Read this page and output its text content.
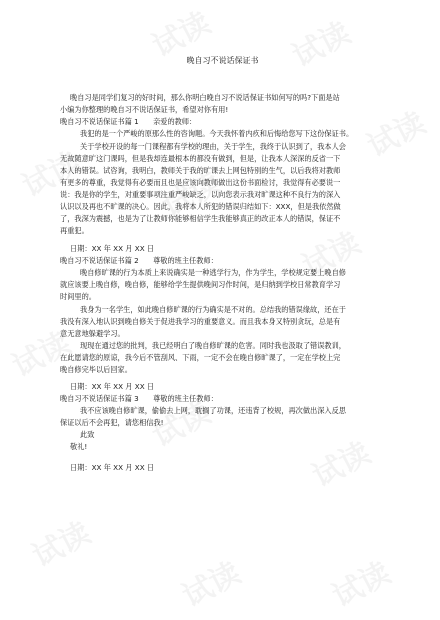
晚自习不说话保证书
晚自习是同学们复习的好时间，那么你明白晚自习不说话保证书如何写的吗?下面是站
小编为你整理的晚自习不说话保证书，希望对你有用!
晚自习不说话保证书篇 1　　亲爱的教师：
我犯的是一个严峻的原那么性的咨询题。今天我怀着内疚和后悔给您写下这份保证书。
关于学校开设的每一门课程都有学校的理由，关于学生，我终于认识到了，我本人会
无故随意旷这门课吗，但是我却连最根本的都没有做到，但是，让我本人深深的反省一下
本人的错误。试咨询，我明白，教师关于我的旷课去上网包特别的生气，以后我将对教师
有更多的尊重，我觉得有必要而且也是应该向教师做出这份书面检讨，我觉得有必要说一
说：我是你的学生，对重要事项注重严峻缺乏，以向您表示我对旷课这种不良行为的深入
认识以及再也不旷课的决心。因此，我将本人所犯的错误归结如下：XXX，但是我依然做
了，我深为震撼，也是为了让教师你能够相信学生我能够真正的改正本人的错误，保证不
再重犯。
日期：XX 年 XX 月 XX 日
晚自习不说话保证书篇 2　　尊敬的班主任教师：
晚自修旷课的行为本质上来说确实是一种逃学行为，作为学生，学校规定要上晚自修
就应该要上晚自修，晚自修，能够给学生提供晚间习作时间，是归纳到学校日常教育学习
时间里的。
我身为一名学生，如此晚自修旷课的行为确实是不对的。总结我的错误缘故，还在于
我没有深入地认识到晚自修关于促进我学习的重要意义。而且我本身又特别贪玩，总是有
意无意地躲避学习。
现现在通过您的批判，我已经明白了晚自修旷课的危害。同时我也汲取了错误教训，
在此愿请您的原谅，我今后不管刮风、下雨，一定不会在晚自修旷课了，一定在学校上完
晚自修完毕以后回家。
日期：XX 年 XX 月 XX 日
晚自习不说话保证书篇 3　　尊敬的班主任教师：
我不应该晚自修旷课，偷偷去上网，耽搁了功课，还违背了校规，再次做出深入反思
保证以后不会再犯，请您相信我!
此致
敬礼!
日期：XX 年 XX 月 XX 日
